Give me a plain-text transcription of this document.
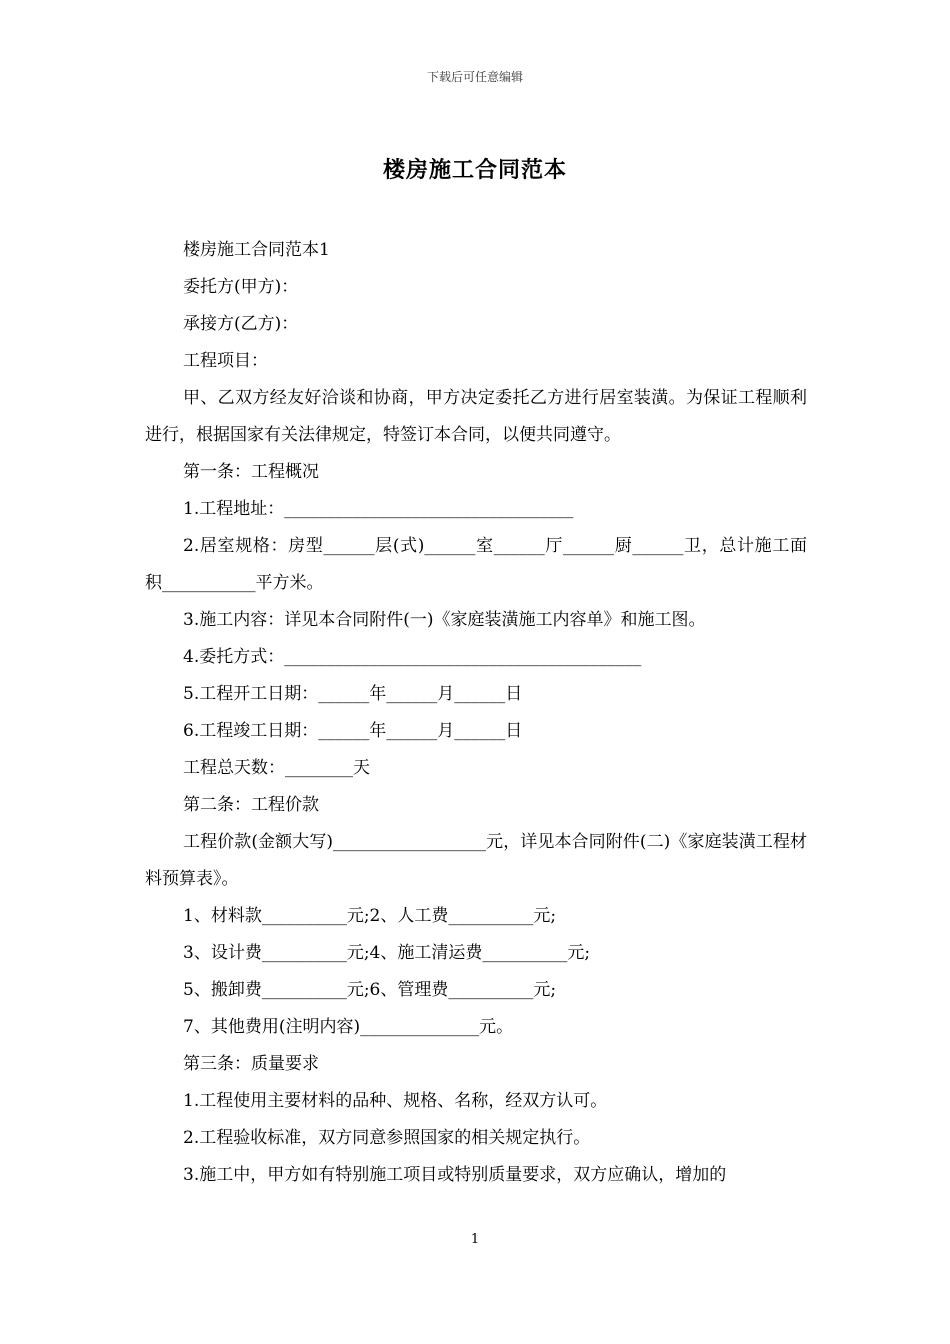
下载后可任意编辑
楼房施工合同范本

楼房施工合同范本1

委托方(甲方)：

承接方(乙方)：

工程项目：

甲、乙双方经友好洽谈和协商，甲方决定委托乙方进行居室装潢。为保证工程顺利进行，根据国家有关法律规定，特签订本合同，以便共同遵守。

第一条：工程概况

1.工程地址：__________________________________

2.居室规格：房型______层(式)______室______厅______厨______卫，总计施工面积___________平方米。

3.施工内容：详见本合同附件(一)《家庭装潢施工内容单》和施工图。

4.委托方式：__________________________________________

5.工程开工日期：______年______月______日

6.工程竣工日期：______年______月______日

工程总天数：________天

第二条：工程价款

工程价款(金额大写)__________________元，详见本合同附件(二)《家庭装潢工程材料预算表》。

1、材料款__________元;2、人工费__________元;

3、设计费__________元;4、施工清运费__________元;

5、搬卸费__________元;6、管理费__________元;

7、其他费用(注明内容)______________元。

第三条：质量要求

1.工程使用主要材料的品种、规格、名称，经双方认可。

2.工程验收标准，双方同意参照国家的相关规定执行。

3.施工中，甲方如有特别施工项目或特别质量要求，双方应确认，增加的

1
